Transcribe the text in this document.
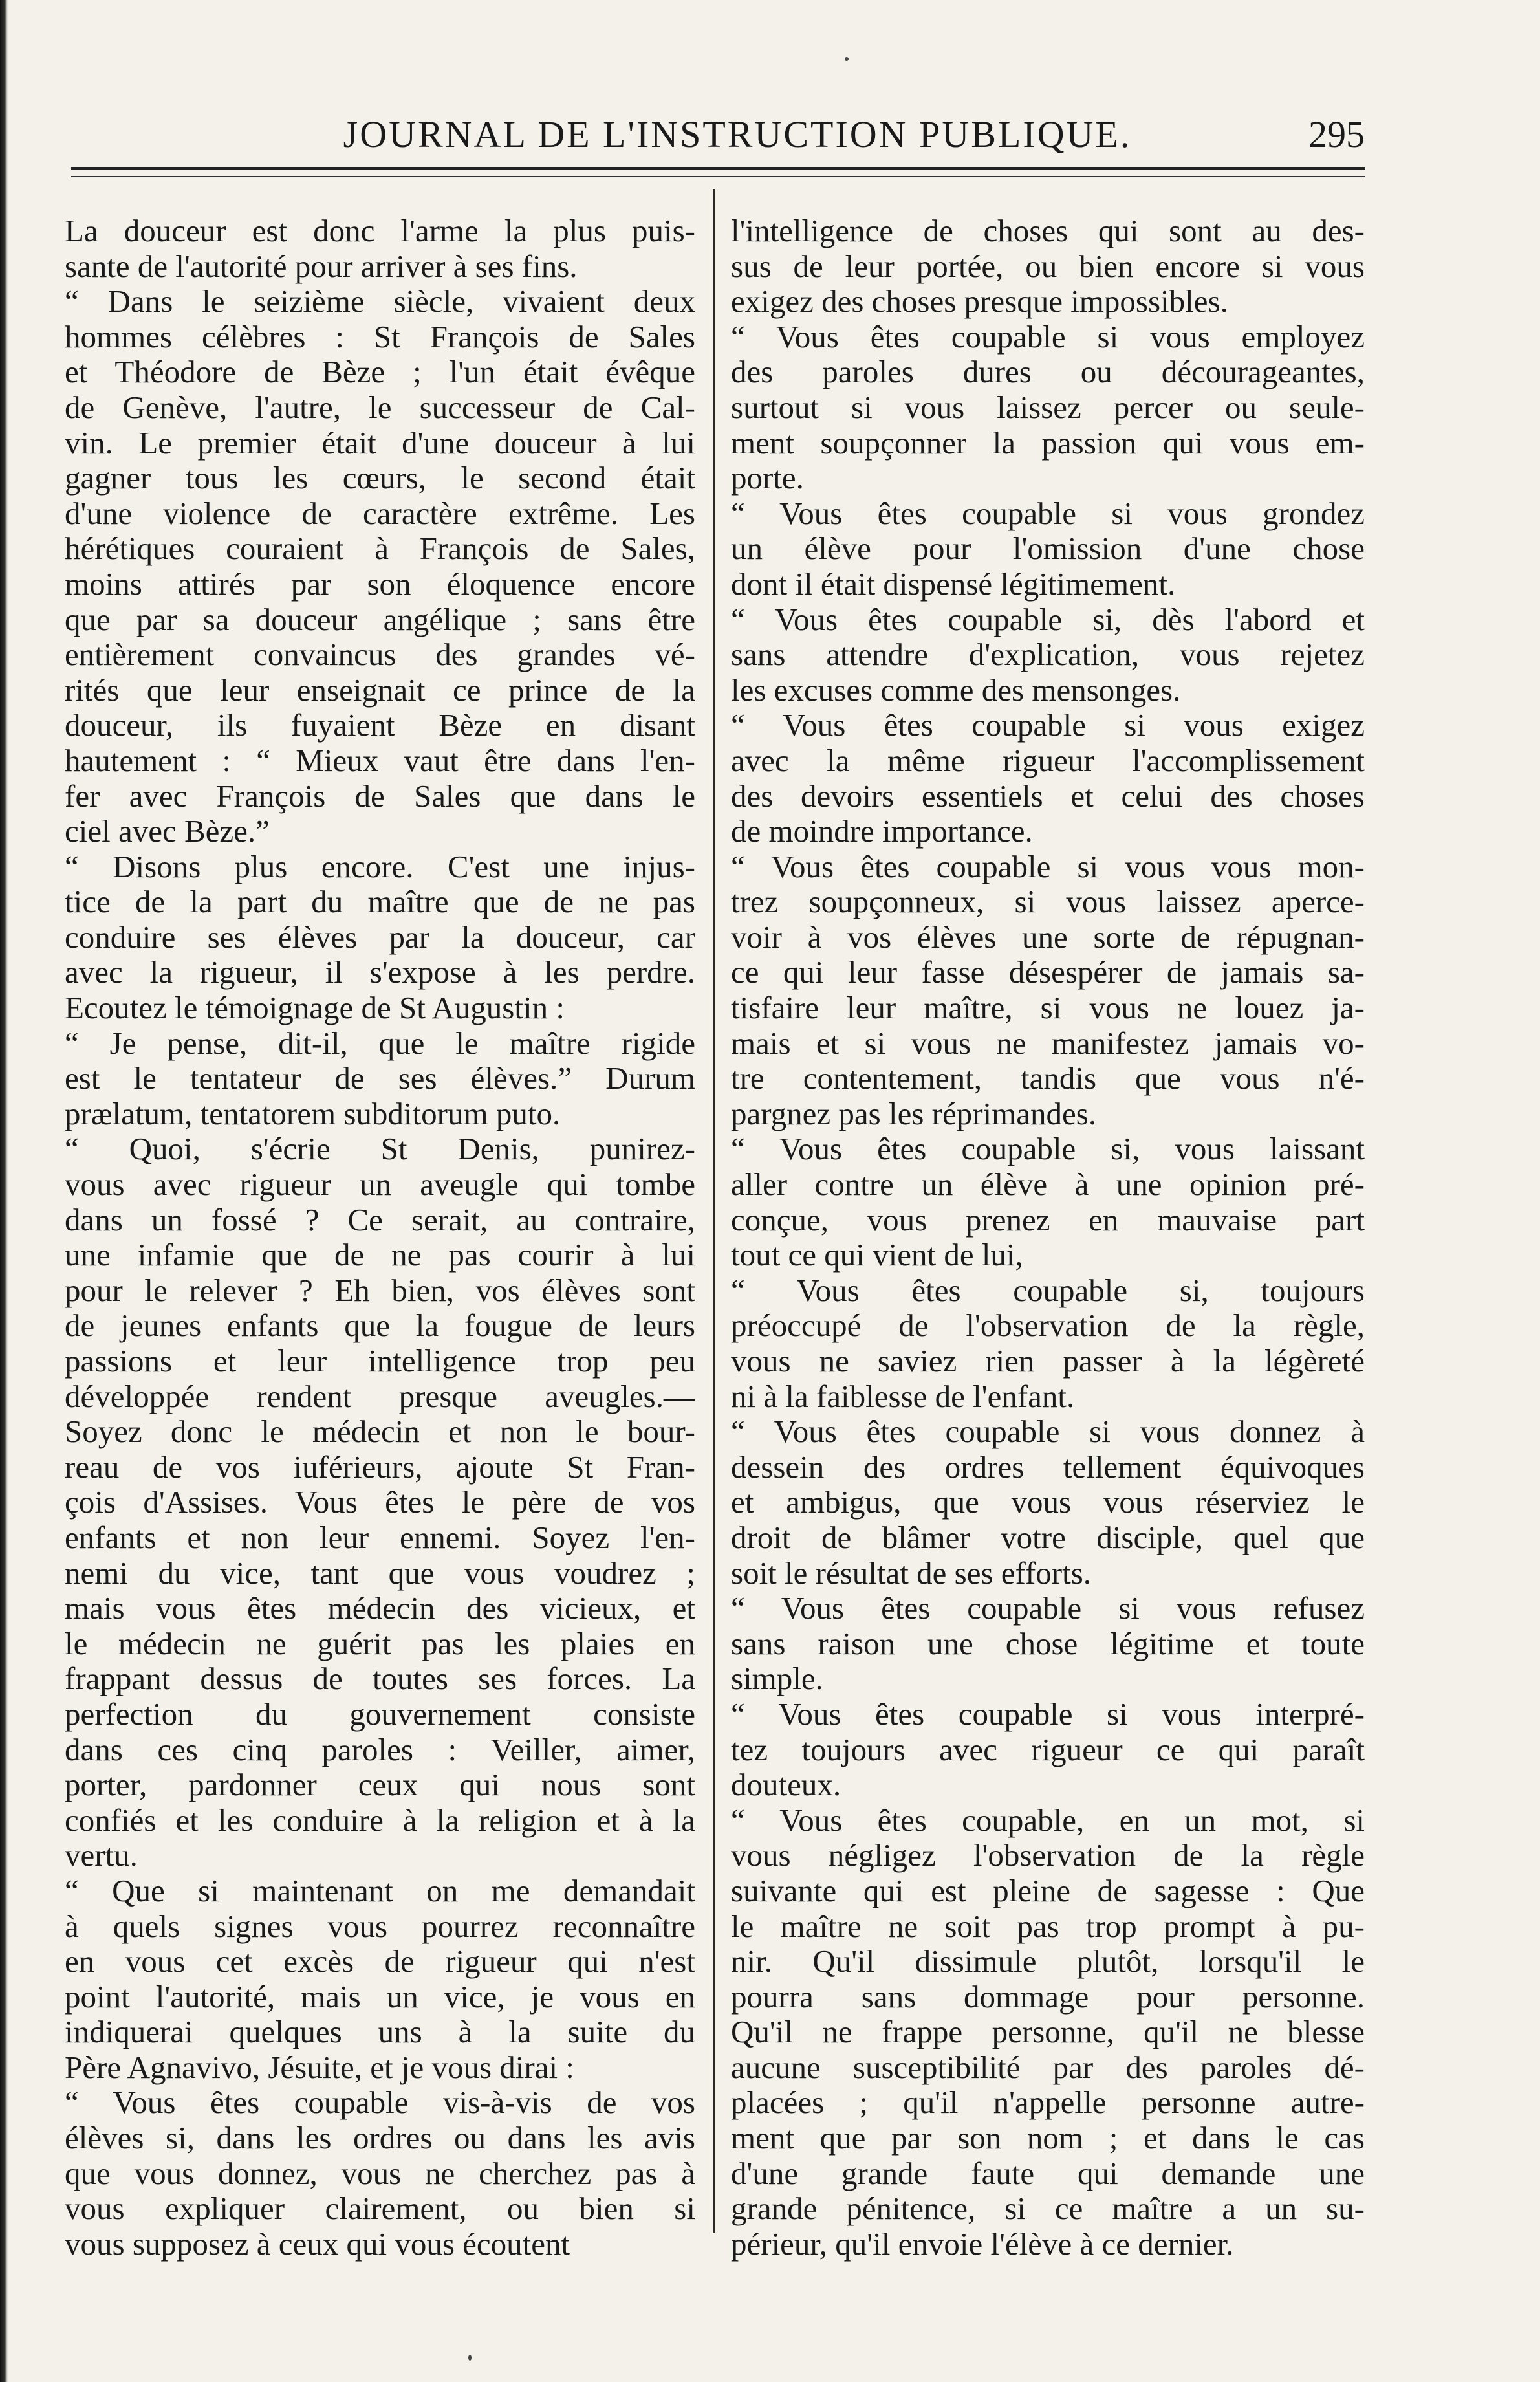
JOURNAL DE L'INSTRUCTION PUBLIQUE.	295
La douceur est donc l'arme la plus puis-
sante de l'autorité pour arriver à ses fins.
“ Dans le seizième siècle, vivaient deux
hommes célèbres : St François de Sales
et Théodore de Bèze ; l'un était évêque
de Genève, l'autre, le successeur de Cal-
vin. Le premier était d'une douceur à lui
gagner tous les cœurs, le second était
d'une violence de caractère extrême. Les
hérétiques couraient à François de Sales,
moins attirés par son éloquence encore
que par sa douceur angélique ; sans être
entièrement convaincus des grandes vé-
rités que leur enseignait ce prince de la
douceur, ils fuyaient Bèze en disant
hautement : “ Mieux vaut être dans l'en-
fer avec François de Sales que dans le
ciel avec Bèze.”
“ Disons plus encore. C'est une injus-
tice de la part du maître que de ne pas
conduire ses élèves par la douceur, car
avec la rigueur, il s'expose à les perdre.
Ecoutez le témoignage de St Augustin :
“ Je pense, dit-il, que le maître rigide
est le tentateur de ses élèves.” Durum
prælatum, tentatorem subditorum puto.
“ Quoi, s'écrie St Denis, punirez-
vous avec rigueur un aveugle qui tombe
dans un fossé ? Ce serait, au contraire,
une infamie que de ne pas courir à lui
pour le relever ? Eh bien, vos élèves sont
de jeunes enfants que la fougue de leurs
passions et leur intelligence trop peu
développée rendent presque aveugles.—
Soyez donc le médecin et non le bour-
reau de vos iuférieurs, ajoute St Fran-
çois d'Assises. Vous êtes le père de vos
enfants et non leur ennemi. Soyez l'en-
nemi du vice, tant que vous voudrez ;
mais vous êtes médecin des vicieux, et
le médecin ne guérit pas les plaies en
frappant dessus de toutes ses forces. La
perfection du gouvernement consiste
dans ces cinq paroles : Veiller, aimer,
porter, pardonner ceux qui nous sont
confiés et les conduire à la religion et à la
vertu.
“ Que si maintenant on me demandait
à quels signes vous pourrez reconnaître
en vous cet excès de rigueur qui n'est
point l'autorité, mais un vice, je vous en
indiquerai quelques uns à la suite du
Père Agnavivo, Jésuite, et je vous dirai :
“ Vous êtes coupable vis-à-vis de vos
élèves si, dans les ordres ou dans les avis
que vous donnez, vous ne cherchez pas à
vous expliquer clairement, ou bien si
vous supposez à ceux qui vous écoutent
l'intelligence de choses qui sont au des-
sus de leur portée, ou bien encore si vous
exigez des choses presque impossibles.
“ Vous êtes coupable si vous employez
des paroles dures ou décourageantes,
surtout si vous laissez percer ou seule-
ment soupçonner la passion qui vous em-
porte.
“ Vous êtes coupable si vous grondez
un élève pour l'omission d'une chose
dont il était dispensé légitimement.
“ Vous êtes coupable si, dès l'abord et
sans attendre d'explication, vous rejetez
les excuses comme des mensonges.
“ Vous êtes coupable si vous exigez
avec la même rigueur l'accomplissement
des devoirs essentiels et celui des choses
de moindre importance.
“ Vous êtes coupable si vous vous mon-
trez soupçonneux, si vous laissez aperce-
voir à vos élèves une sorte de répugnan-
ce qui leur fasse désespérer de jamais sa-
tisfaire leur maître, si vous ne louez ja-
mais et si vous ne manifestez jamais vo-
tre contentement, tandis que vous n'é-
pargnez pas les réprimandes.
“ Vous êtes coupable si, vous laissant
aller contre un élève à une opinion pré-
conçue, vous prenez en mauvaise part
tout ce qui vient de lui,
“ Vous êtes coupable si, toujours
préoccupé de l'observation de la règle,
vous ne saviez rien passer à la légèreté
ni à la faiblesse de l'enfant.
“ Vous êtes coupable si vous donnez à
dessein des ordres tellement équivoques
et ambigus, que vous vous réserviez le
droit de blâmer votre disciple, quel que
soit le résultat de ses efforts.
“ Vous êtes coupable si vous refusez
sans raison une chose légitime et toute
simple.
“ Vous êtes coupable si vous interpré-
tez toujours avec rigueur ce qui paraît
douteux.
“ Vous êtes coupable, en un mot, si
vous négligez l'observation de la règle
suivante qui est pleine de sagesse : Que
le maître ne soit pas trop prompt à pu-
nir. Qu'il dissimule plutôt, lorsqu'il le
pourra sans dommage pour personne.
Qu'il ne frappe personne, qu'il ne blesse
aucune susceptibilité par des paroles dé-
placées ; qu'il n'appelle personne autre-
ment que par son nom ; et dans le cas
d'une grande faute qui demande une
grande pénitence, si ce maître a un su-
périeur, qu'il envoie l'élève à ce dernier.
